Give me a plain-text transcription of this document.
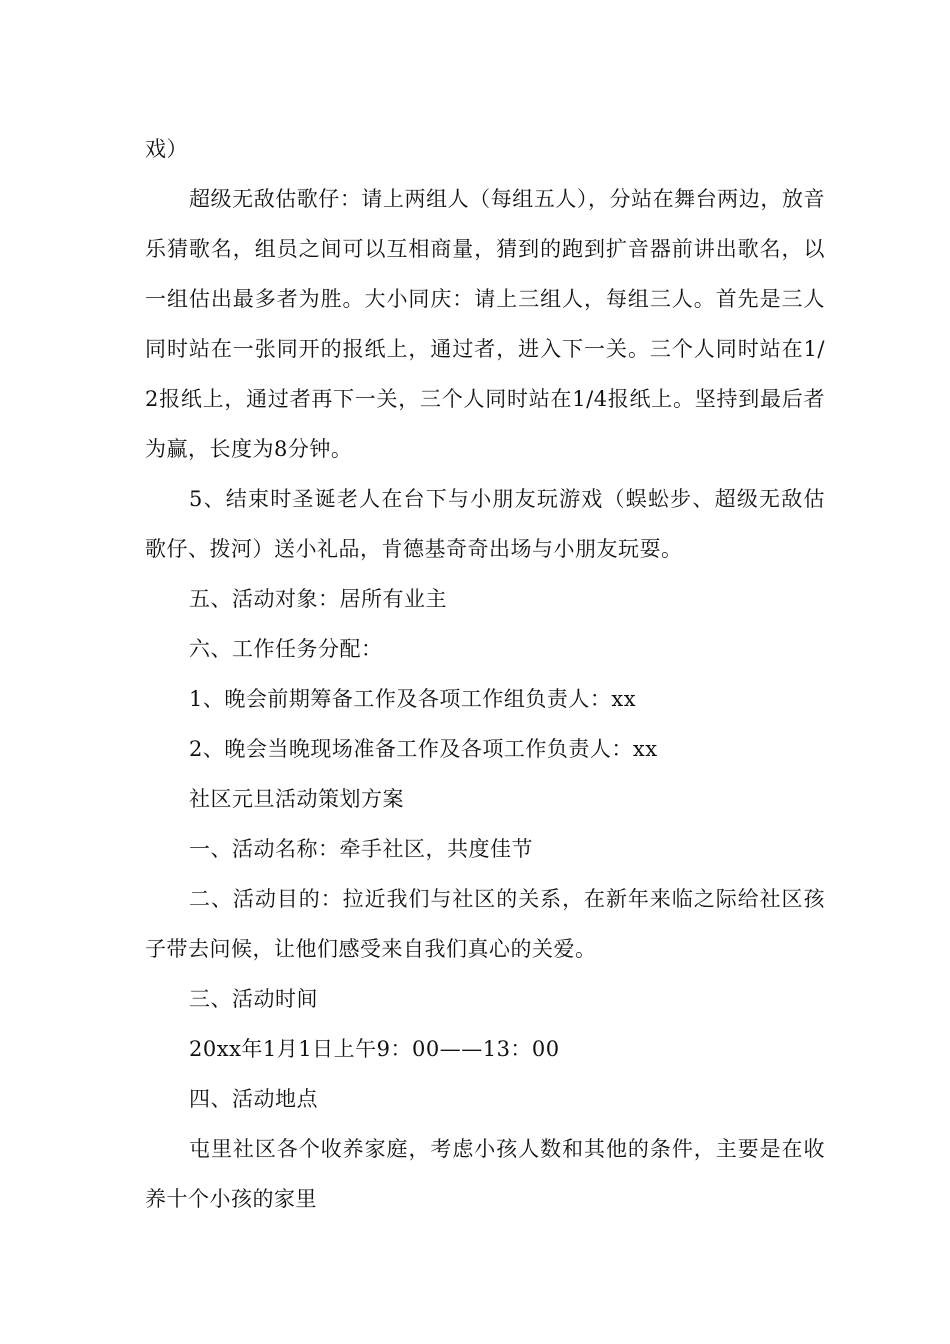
戏）

超级无敌估歌仔：请上两组人（每组五人），分站在舞台两边，放音乐猜歌名，组员之间可以互相商量，猜到的跑到扩音器前讲出歌名，以一组估出最多者为胜。大小同庆：请上三组人，每组三人。首先是三人同时站在一张同开的报纸上，通过者，进入下一关。三个人同时站在1/2报纸上，通过者再下一关，三个人同时站在1/4报纸上。坚持到最后者为赢，长度为8分钟。

5、结束时圣诞老人在台下与小朋友玩游戏（蜈蚣步、超级无敌估歌仔、拨河）送小礼品，肯德基奇奇出场与小朋友玩耍。

五、活动对象：居所有业主

六、工作任务分配：

1、晚会前期筹备工作及各项工作组负责人：xx

2、晚会当晚现场准备工作及各项工作负责人：xx

社区元旦活动策划方案

一、活动名称：牵手社区，共度佳节

二、活动目的：拉近我们与社区的关系，在新年来临之际给社区孩子带去问候，让他们感受来自我们真心的关爱。

三、活动时间

20xx年1月1日上午9：00——13：00

四、活动地点

屯里社区各个收养家庭，考虑小孩人数和其他的条件，主要是在收养十个小孩的家里
